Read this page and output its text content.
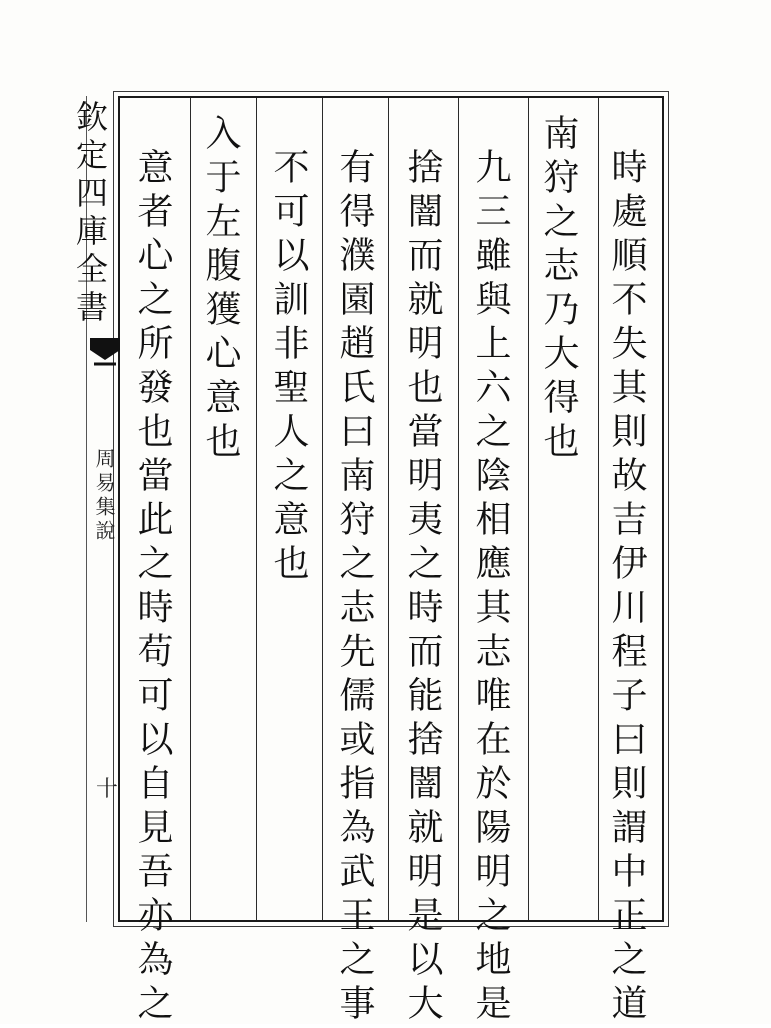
欽定四庫全書
周易集說
十	時處順不失其則故吉伊川程子曰則謂中正之道
南狩之志乃大得也
九三雖與上六之陰相應其志唯在於陽明之地是
捨闇而就明也當明夷之時而能捨闇就明是以大
有得濮園趙氏曰南狩之志先儒或指為武王之事
不可以訓非聖人之意也
入于左腹獲心意也
意者心之所發也當此之時苟可以自見吾亦為之
